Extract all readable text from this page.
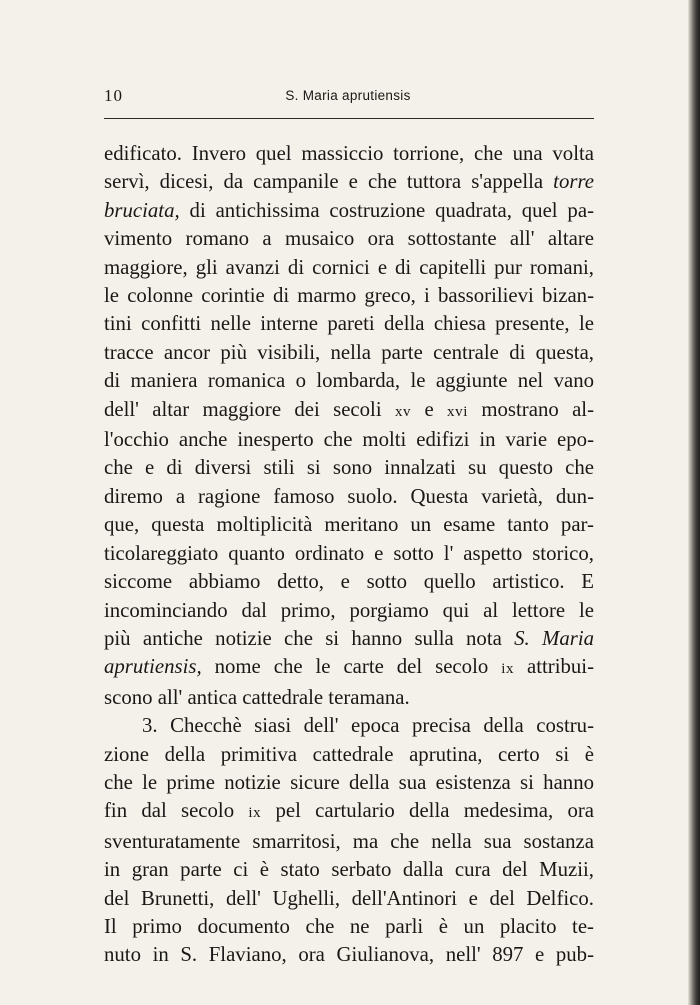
10	S. Maria aprutiensis
edificato. Invero quel massiccio torrione, che una volta
servì, dicesi, da campanile e che tuttora s'appella torre
bruciata, di antichissima costruzione quadrata, quel pa-
vimento romano a musaico ora sottostante all' altare
maggiore, gli avanzi di cornici e di capitelli pur romani,
le colonne corintie di marmo greco, i bassorilievi bizan-
tini confitti nelle interne pareti della chiesa presente, le
tracce ancor più visibili, nella parte centrale di questa,
di maniera romanica o lombarda, le aggiunte nel vano
dell' altar maggiore dei secoli xv e xvi mostrano al-
l'occhio anche inesperto che molti edifizi in varie epo-
che e di diversi stili si sono innalzati su questo che
diremo a ragione famoso suolo. Questa varietà, dun-
que, questa moltiplicità meritano un esame tanto par-
ticolareggiato quanto ordinato e sotto l' aspetto storico,
siccome abbiamo detto, e sotto quello artistico. E
incominciando dal primo, porgiamo qui al lettore le
più antiche notizie che si hanno sulla nota S. Maria
aprutiensis, nome che le carte del secolo ix attribui-
scono all' antica cattedrale teramana.
3. Checchè siasi dell' epoca precisa della costru-
zione della primitiva cattedrale aprutina, certo si è
che le prime notizie sicure della sua esistenza si hanno
fin dal secolo ix pel cartulario della medesima, ora
sventuratamente smarritosi, ma che nella sua sostanza
in gran parte ci è stato serbato dalla cura del Muzii,
del Brunetti, dell' Ughelli, dell'Antinori e del Delfico.
Il primo documento che ne parli è un placito te-
nuto in S. Flaviano, ora Giulianova, nell' 897 e pub-
